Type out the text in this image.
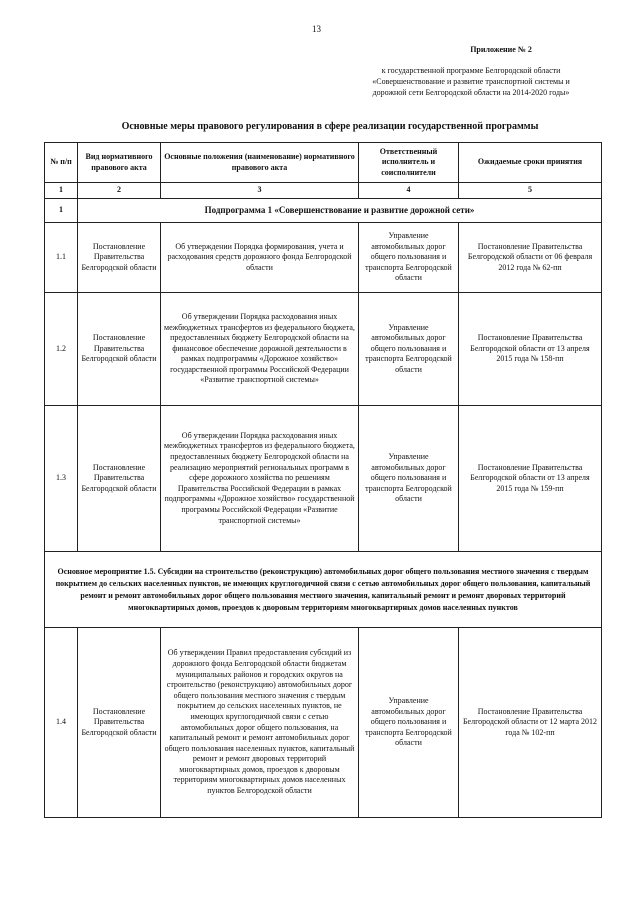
13
Приложение № 2
к государственной программе Белгородской области
«Совершенствование и развитие транспортной системы и
дорожной сети Белгородской области на 2014-2020 годы»
Основные меры правового регулирования в сфере реализации государственной программы
№ п/п	Вид нормативного правового акта	Основные положения (наименование) нормативного правового акта	Ответственный исполнитель и соисполнители	Ожидаемые сроки принятия
1	2	3	4	5
1	Подпрограмма 1 «Совершенствование и развитие дорожной сети»			
1.1	Постановление Правительства Белгородской области	Об утверждении Порядка формирования, учета и расходования средств дорожного фонда Белгородской области	Управление автомобильных дорог общего пользования и транспорта Белгородской области	Постановление Правительства Белгородской области от 06 февраля 2012 года № 62-пп
1.2	Постановление Правительства Белгородской области	Об утверждении Порядка расходования иных межбюджетных трансфертов из федерального бюджета, предоставленных бюджету Белгородской области на финансовое обеспечение дорожной деятельности в рамках подпрограммы «Дорожное хозяйство» государственной программы Российской Федерации «Развитие транспортной системы»	Управление автомобильных дорог общего пользования и транспорта Белгородской области	Постановление Правительства Белгородской области от 13 апреля 2015 года № 158-пп
1.3	Постановление Правительства Белгородской области	Об утверждении Порядка расходования иных межбюджетных трансфертов из федерального бюджета, предоставленных бюджету Белгородской области на реализацию мероприятий региональных программ в сфере дорожного хозяйства по решениям Правительства Российской Федерации в рамках подпрограммы «Дорожное хозяйство» государственной программы Российской Федерации «Развитие транспортной системы»	Управление автомобильных дорог общего пользования и транспорта Белгородской области	Постановление Правительства Белгородской области от 13 апреля 2015 года № 159-пп
Основное мероприятие 1.5. Субсидии на строительство (реконструкцию) автомобильных дорог общего пользования местного значения с твердым покрытием до сельских населенных пунктов, не имеющих круглогодичной связи с сетью автомобильных дорог общего пользования, капитальный ремонт и ремонт автомобильных дорог общего пользования местного значения, капитальный ремонт и ремонт дворовых территорий многоквартирных домов, проездов к дворовым территориям многоквартирных домов населенных пунктов				
1.4	Постановление Правительства Белгородской области	Об утверждении Правил предоставления субсидий из дорожного фонда Белгородской области бюджетам муниципальных районов и городских округов на строительство (реконструкцию) автомобильных дорог общего пользования местного значения с твердым покрытием до сельских населенных пунктов, не имеющих круглогодичной связи с сетью автомобильных дорог общего пользования, на капитальный ремонт и ремонт автомобильных дорог общего пользования населенных пунктов, капитальный ремонт и ремонт дворовых территорий многоквартирных домов, проездов к дворовым территориям многоквартирных домов населенных пунктов Белгородской области	Управление автомобильных дорог общего пользования и транспорта Белгородской области	Постановление Правительства Белгородской области от 12 марта 2012 года № 102-пп
